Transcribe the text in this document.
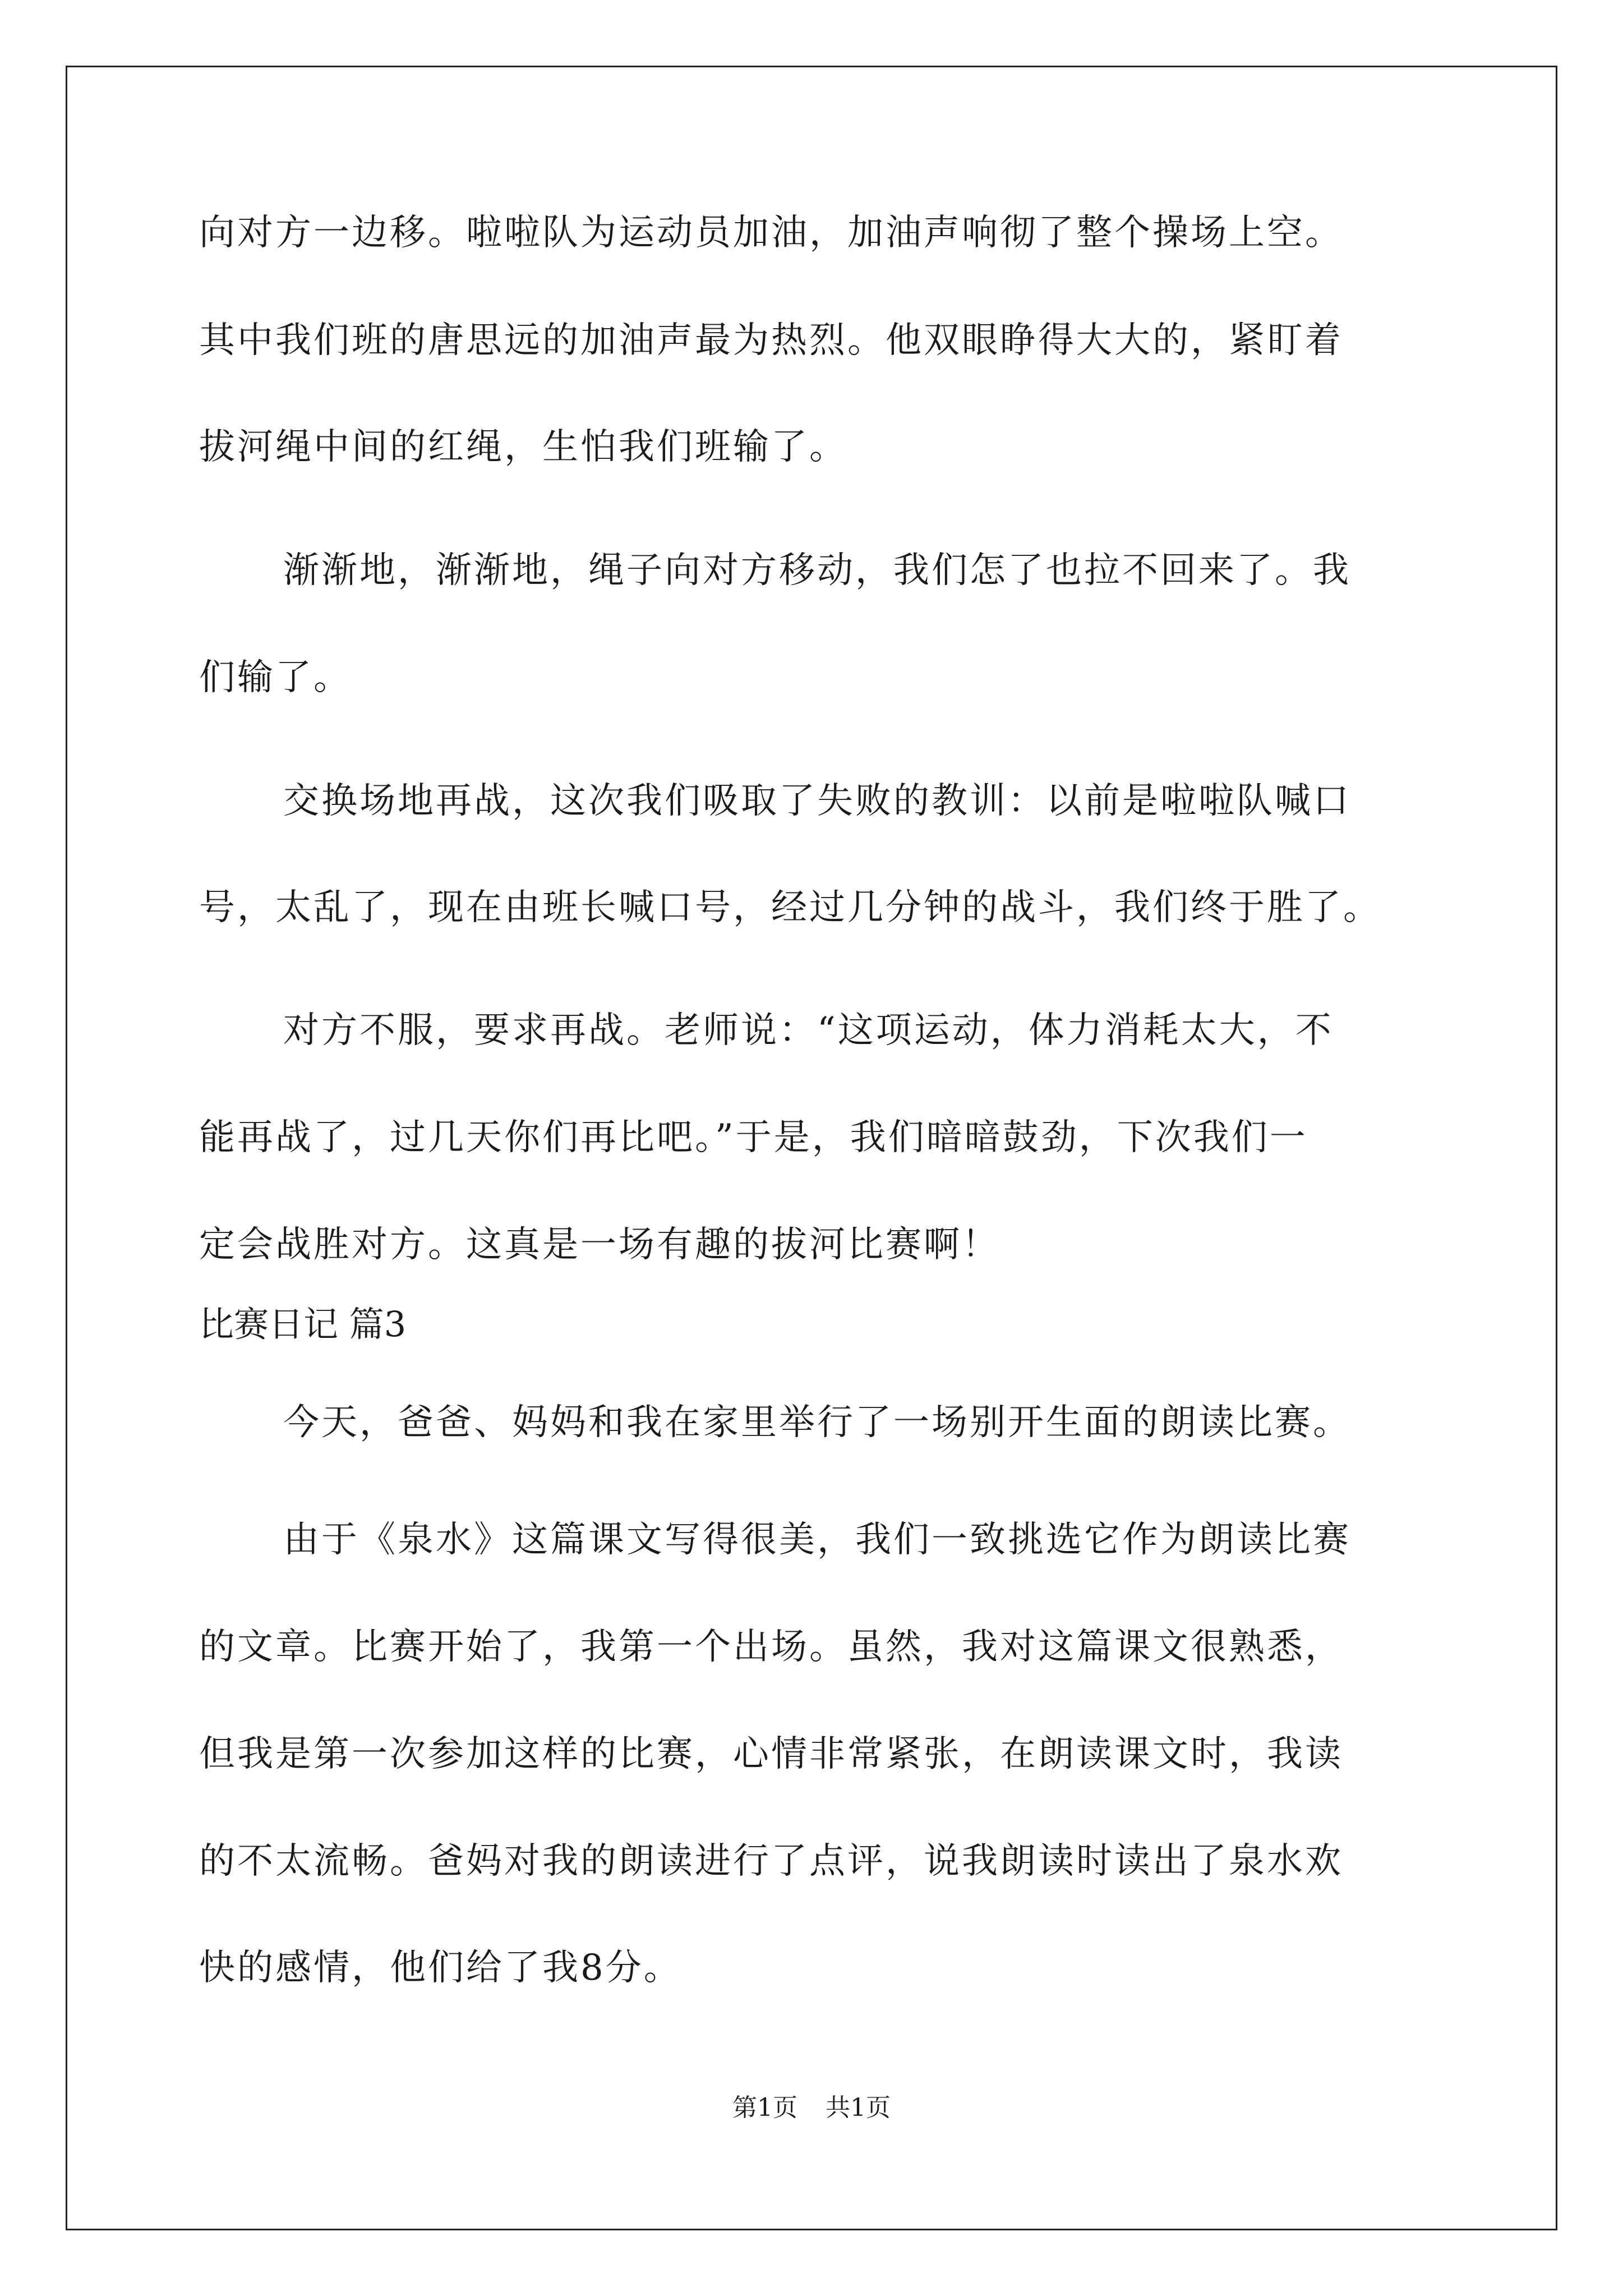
向对方一边移。啦啦队为运动员加油，加油声响彻了整个操场上空。
其中我们班的唐思远的加油声最为热烈。他双眼睁得大大的，紧盯着
拔河绳中间的红绳，生怕我们班输了。
渐渐地，渐渐地，绳子向对方移动，我们怎了也拉不回来了。我
们输了。
交换场地再战，这次我们吸取了失败的教训：以前是啦啦队喊口
号，太乱了，现在由班长喊口号，经过几分钟的战斗，我们终于胜了。
对方不服，要求再战。老师说：“这项运动，体力消耗太大，不
能再战了，过几天你们再比吧。”于是，我们暗暗鼓劲，下次我们一
定会战胜对方。这真是一场有趣的拔河比赛啊！
比赛日记 篇3
今天，爸爸、妈妈和我在家里举行了一场别开生面的朗读比赛。
由于《泉水》这篇课文写得很美，我们一致挑选它作为朗读比赛
的文章。比赛开始了，我第一个出场。虽然，我对这篇课文很熟悉，
但我是第一次参加这样的比赛，心情非常紧张，在朗读课文时，我读
的不太流畅。爸妈对我的朗读进行了点评，说我朗读时读出了泉水欢
快的感情，他们给了我8分。
第1页 共1页
